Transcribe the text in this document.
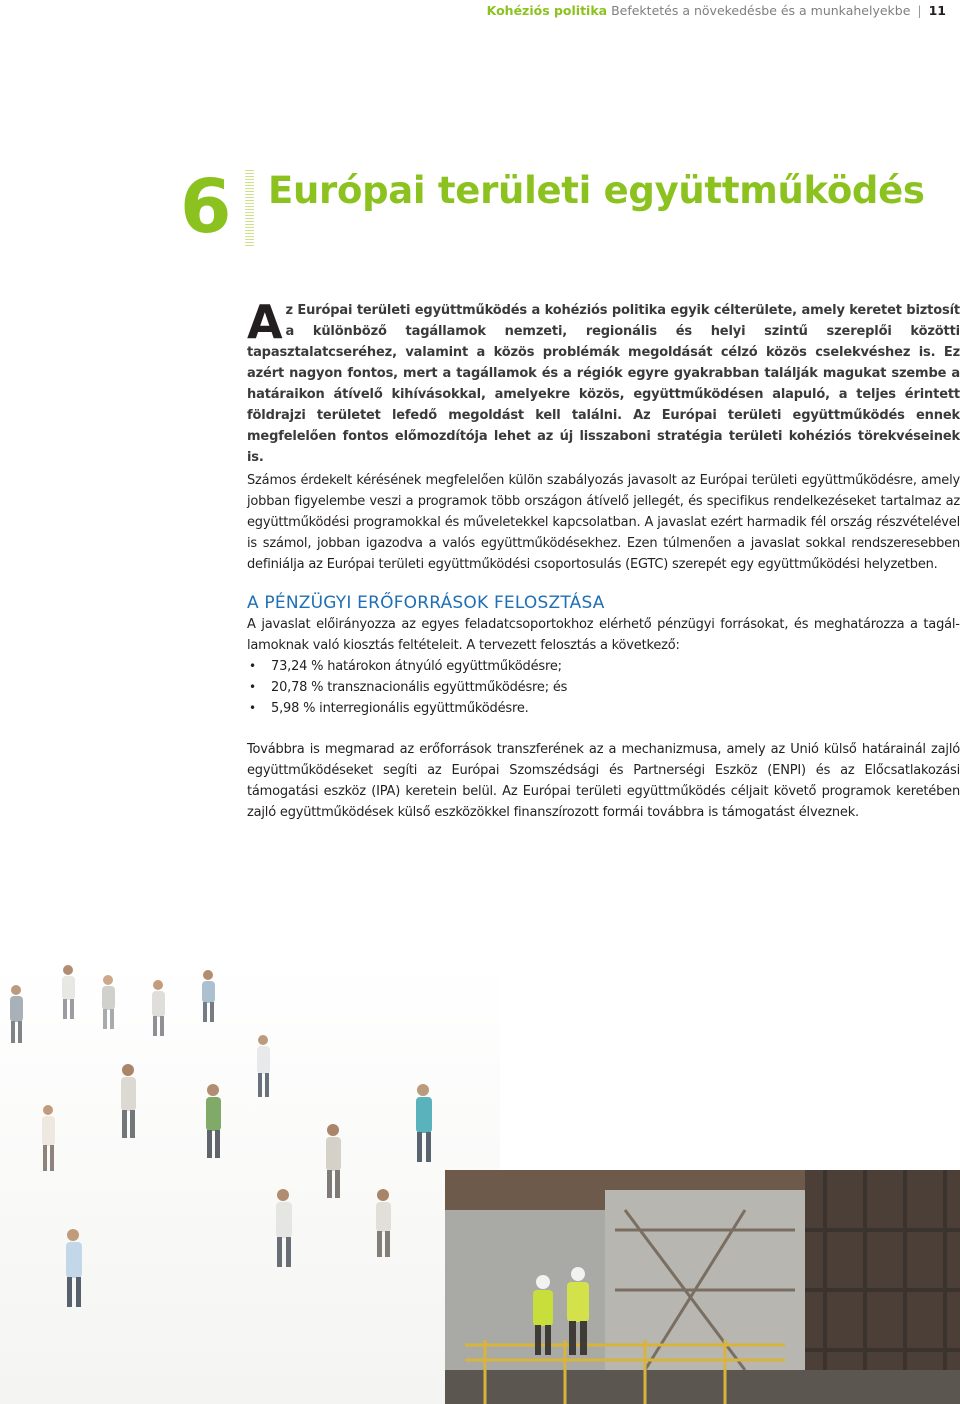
Kohéziós politika Befektetés a növekedésbe és a munkahelyekbe | 11
6 Európai területi együttműködés
A z Európai területi együttműködés a kohéziós politika egyik célterülete, amely keretet biztosít a különböző tagállamok nemzeti, regionális és helyi szintű szereplői közötti tapasztalatcseréhez, valamint a közös problémák megoldását célzó közös cselekvéshez is. Ez azért nagyon fontos, mert a tagállamok és a régiók egyre gyakrabban találják magukat szembe a határaikon átívelő kihívásokkal, amelyekre közös, együttműködésen alapuló, a teljes érintett földrajzi területet lefedő megoldást kell találni. Az Európai területi együttműködés ennek megfelelően fontos előmozdítója lehet az új lisszaboni stratégia területi kohéziós törekvéseinek is.
Számos érdekelt kérésének megfelelően külön szabályozás javasolt az Európai területi együttműködésre, amely jobban figyelembe veszi a programok több országon átívelő jellegét, és specifikus rendelkezéseket tartalmaz az együttműködési programokkal és műveletekkel kapcsolatban. A javaslat ezért harmadik fél ország részvételével is számol, jobban igazodva a valós együttműködésekhez. Ezen túlmenően a javaslat sokkal rendszeresebben definiálja az Európai területi együttműködési csoportosulás (EGTC) szerepét egy együttműködési helyzetben.
A PÉNZÜGYI ERŐFORRÁSOK FELOSZTÁSA
A javaslat előirányozza az egyes feladatcsoportokhoz elérhető pénzügyi forrásokat, és meghatározza a tagállamoknak való kiosztás feltételeit. A tervezett felosztás a következő:
• 73,24 % határokon átnyúló együttműködésre;
• 20,78 % transznacionális együttműködésre; és
• 5,98 % interregionális együttműködésre.
Továbbra is megmarad az erőforrások transzferének az a mechanizmusa, amely az Unió külső határainál zajló együttműködéseket segíti az Európai Szomszédsági és Partnerségi Eszköz (ENPI) és az Előcsatlakozási támogatási eszköz (IPA) keretein belül. Az Európai területi együttműködés céljait követő programok keretében zajló együttműködések külső eszközökkel finanszírozott formái továbbra is támogatást élveznek.
